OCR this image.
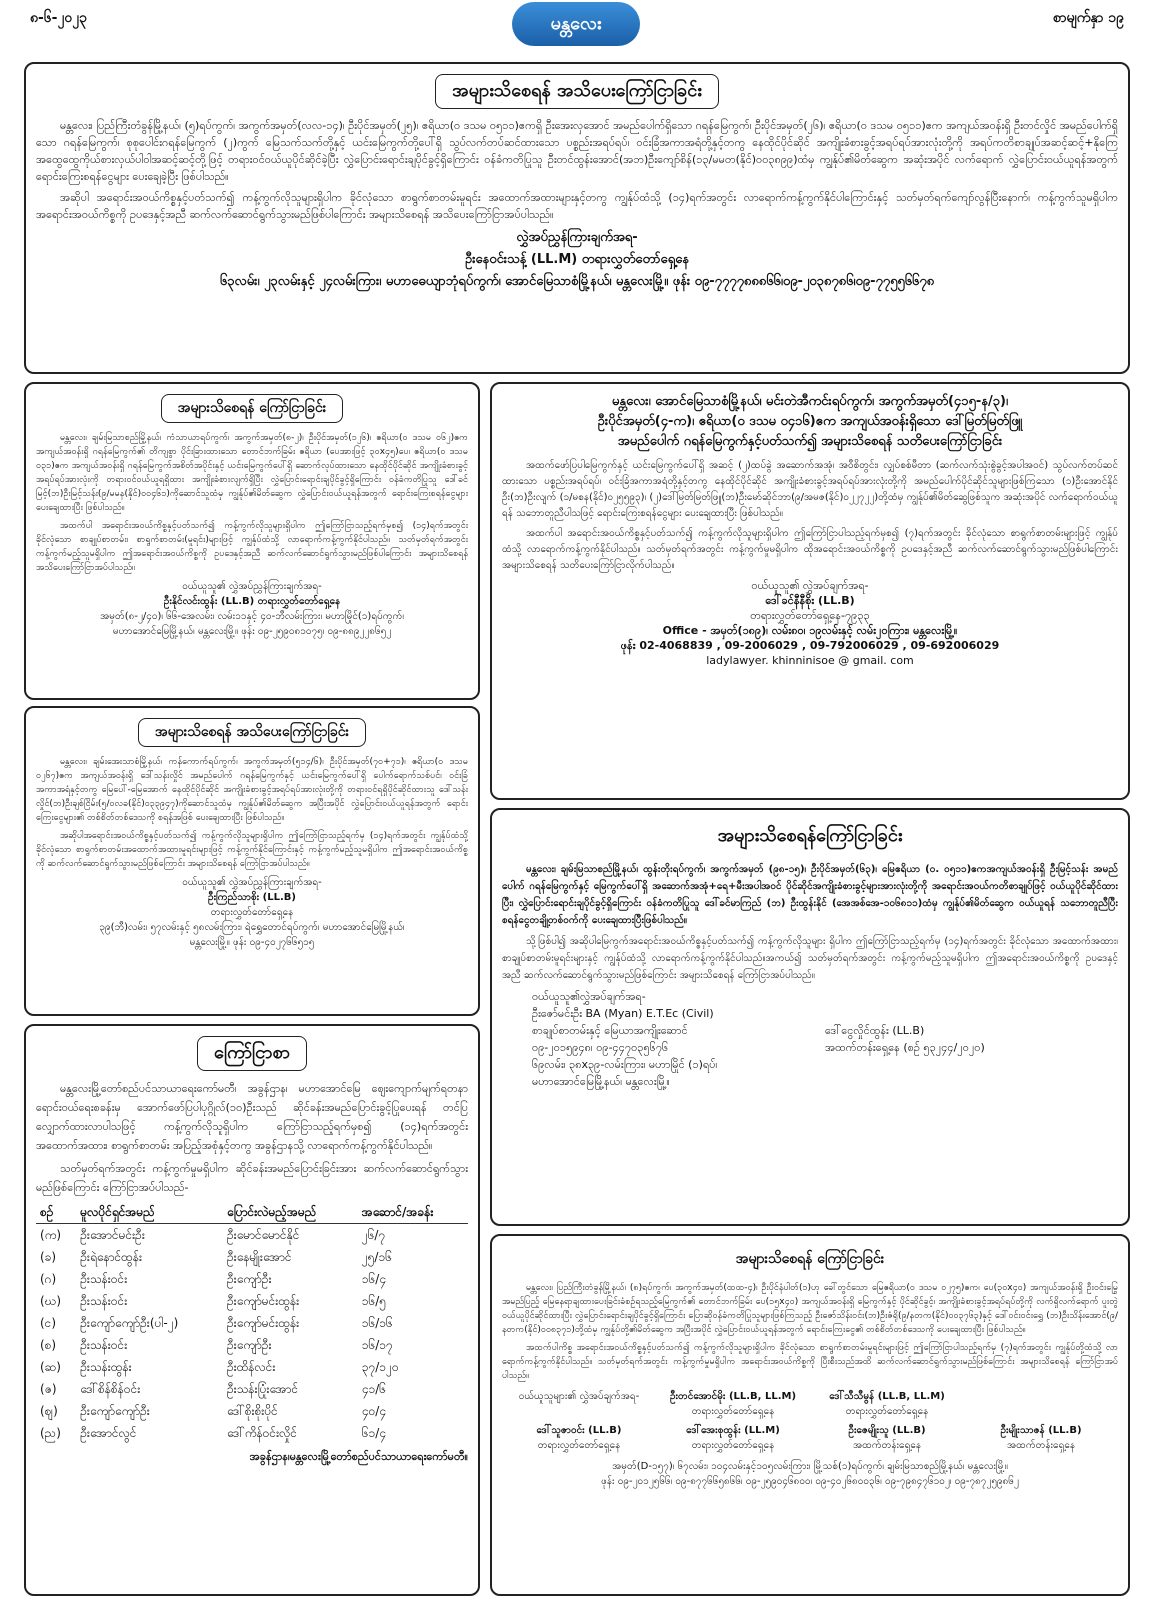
၈-၆-၂၀၂၃	မန္တလေး	စာမျက်နှာ ၁၉
အများသိစေရန် အသိပေးကြော်ငြာခြင်း

မန္တလေး၊ ပြည်ကြီးတံခွန်မြို့နယ်၊ (၅)ရပ်ကွက်၊ အကွက်အမှတ်(လလ-၁၄)၊ ဦးပိုင်အမှတ်(၂၅)၊ ဧရိယာ(၀ ဒသမ ၀၅၁၁)ဧကရှိ ဦးအေးလှအောင် အမည်ပေါက်ရှိသော ဂရန်မြေကွက်၊ ဦးပိုင်အမှတ်(၂၆)၊ ဧရိယာ(၀ ဒသမ ၀၅၁၁)ဧက အကျယ်အဝန်းရှိ ဦးတင်လှိုင် အမည်ပေါက်ရှိသော ဂရန်မြေကွက်၊ စုစုပေါင်းဂရန်မြေကွက် (၂)ကွက် မြေသက်သက်တို့နှင့် ယင်းမြေကွက်တို့ပေါ်ရှိ သွပ်လက်တပ်ဆင်ထားသော ပစ္စည်းအရပ်ရပ်၊ ဝင်းခြံအကာအရံတို့နှင့်တကွ နေထိုင်ပိုင်ဆိုင် အကျိုးခံစားခွင့်အရပ်ရပ်အားလုံးတို့ကို အရပ်ကတိစာချုပ်အဆင့်ဆင့်+နိုကြေအထွေထွေကိုယ်စားလှယ်ပါဝါအဆင့်ဆင့်တို့ဖြင့် တရားဝင်ဝယ်ယူပိုင်ဆိုင်ခဲ့ပြီး လွှဲပြောင်းရောင်းချပိုင်ခွင့်ရှိကြောင်း ဝန်ခံကတိပြုသူ ဦးတင်ထွန်းအောင်(အဘ)ဦးကျော်စိန်(၁၃/မမတ(နိုင်)၀၀၃၈၉၉)ထံမှ ကျွန်ုပ်၏မိတ်ဆွေက အဆုံးအပိုင် လက်ရောက် လွှဲပြောင်းဝယ်ယူရန်အတွက် ရောင်းကြေးစရန်ငွေများ ပေးချေခဲ့ပြီး ဖြစ်ပါသည်။

အဆိုပါ အရောင်းအဝယ်ကိစ္စနှင့်ပတ်သက်၍ ကန့်ကွက်လိုသူများရှိပါက ခိုင်လုံသော စာရွက်စာတမ်းမူရင်း အထောက်အထားများနှင့်တကွ ကျွန်ုပ်ထံသို့ (၁၄)ရက်အတွင်း လာရောက်ကန့်ကွက်နိုင်ပါကြောင်းနှင့် သတ်မှတ်ရက်ကျော်လွန်ပြီးနောက်၊ ကန့်ကွက်သူမရှိပါက အရောင်းအဝယ်ကိစ္စကို ဥပဒေနှင့်အညီ ဆက်လက်ဆောင်ရွက်သွားမည်ဖြစ်ပါကြောင်း အများသိစေရန် အသိပေးကြော်ငြာအပ်ပါသည်။

လွှဲအပ်ညွှန်ကြားချက်အရ-
ဦးနေဝင်းသန့် (LL.M) တရားလွှတ်တော်ရှေ့နေ
၆၃လမ်း၊ ၂၃လမ်းနှင့် ၂၄လမ်းကြား၊ မဟာဓေယျာဘုံရပ်ကွက်၊ အောင်မြေသာစံမြို့နယ်၊ မန္တလေးမြို့။ ဖုန်း ၀၉-၇၇၇၇၈၈၈၆၆၊၀၉-၂၀၃၈၇၈၆၊၀၉-၇၇၅၅၆၆၇၈
အများသိစေရန် ကြော်ငြာခြင်း

မန္တလေး၊ ချမ်းမြသာစည်မြို့နယ်၊ ကံသာယာရပ်ကွက်၊ အကွက်အမှတ်(၈-၂)၊ ဦးပိုင်အမှတ်(၁၂၆)၊ ဧရိယာ(၀ ဒသမ ၀၆၂)ဧက အကျယ်အဝန်းရှိ ဂရန်မြေကွက်၏ တိကျစွာ ပိုင်းခြားထားသော တောင်ဘက်ခြမ်း ဧရိယာ (ပေအားဖြင့် ၃၀x၄၅)ပေ၊ ဧရိယာ(၀ ဒသမ ၀၃၁)ဧက အကျယ်အဝန်းရှိ ဂရန်မြေကွက်အစိတ်အပိုင်းနှင့် ယင်းမြေကွက်ပေါ်ရှိ ဆောက်လုပ်ထားသော နေထိုင်ပိုင်ဆိုင် အကျိုးခံစားခွင့်အရပ်ရပ်အားလုံးကို တရားဝင်ဝယ်ယူရရှိထား အကျိုးခံစားလျက်ရှိပြီး လွှဲပြောင်းရောင်းချပိုင်ခွင့်ရှိကြောင်း ဝန်ခံကတိပြုသူ ဒေါ်ခင်မြင့်(ဘ)ဦးမြင့်သန်း(၉/မမန(နိုင်)၀၀၄၆၁)ကိုဆောင်သူထံမှ ကျွန်ုပ်၏မိတ်ဆွေက လွှဲပြောင်းဝယ်ယူရန်အတွက် ရောင်းကြေးစရန်ငွေများ ပေးချေထားပြီး ဖြစ်ပါသည်။

အထက်ပါ အရောင်းအဝယ်ကိစ္စနှင့်ပတ်သက်၍ ကန့်ကွက်လိုသူများရှိပါက ဤကြော်ငြာသည့်ရက်မှစ၍ (၁၄)ရက်အတွင်း ခိုင်လုံသော စာချုပ်စာတမ်း၊ စာရွက်စာတမ်း(မူရင်း)များဖြင့် ကျွန်ုပ်ထံသို့ လာရောက်ကန့်ကွက်နိုင်ပါသည်။ သတ်မှတ်ရက်အတွင်း ကန့်ကွက်မည့်သူမရှိပါက ဤအရောင်းအဝယ်ကိစ္စကို ဥပဒေနှင့်အညီ ဆက်လက်ဆောင်ရွက်သွားမည်ဖြစ်ပါကြောင်း အများသိစေရန် အသိပေးကြော်ငြာအပ်ပါသည်။

ဝယ်ယူသူ၏ လွှဲအပ်ညွှန်ကြားချက်အရ-
ဦးနိုင်လင်းထွန်း (LL.B) တရားလွှတ်တော်ရှေ့နေ
အမှတ်(၈-၂/၄၀)၊ ၆၆-အေလမ်း၊ လမ်း၁၁နှင့် ၄၀-ဘီလမ်းကြား၊ မဟာမြိုင်(၁)ရပ်ကွက်၊
မဟာအောင်မြေမြို့နယ်၊ မန္တလေးမြို့။ ဖုန်း ၀၉-၂၅၉၀၈၁၀၇၅၊ ၀၉-၈၈၉၂၂၈၆၅၂
အများသိစေရန် အသိပေးကြော်ငြာခြင်း

မန္တလေး၊ ချမ်းအေးသာစံမြို့နယ်၊ ကန်ကောက်ရပ်ကွက်၊ အကွက်အမှတ်(၅၁၄/၆)၊ ဦးပိုင်အမှတ်(၇၀+၇၁)၊ ဧရိယာ(၀ ဒသမ ၀၂၆၇)ဧက အကျယ်အဝန်းရှိ ဒေါ်သန်းလှိုင် အမည်ပေါက် ဂရန်မြေကွက်နှင့် ယင်းမြေကွက်ပေါ်ရှိ ပေါက်ရောက်သစ်ပင်၊ ဝင်းခြံအကာအရံနှင့်တကွ မြေပေါ်-မြေအောက် နေထိုင်ပိုင်ဆိုင် အကျိုးခံစားခွင့်အရပ်ရပ်အားလုံးတို့ကို တရားဝင်ရရှိပိုင်ဆိုင်ထားသူ ဒေါ်သန်းလှိုင်(ဘ)ဦးချစ်ငြိမ်း(၅/ဝလခ(နိုင်)၀၃၃၉၄၇)ကိုဆောင်သူထံမှ ကျွန်ုပ်၏မိတ်ဆွေက အပြီးအပိုင် လွှဲပြောင်းဝယ်ယူရန်အတွက် ရောင်းကြေးငွေများ၏ တစ်စိတ်တစ်ဒေသကို စရန်အဖြစ် ပေးချေထားပြီး ဖြစ်ပါသည်။

အဆိုပါအရောင်းအဝယ်ကိစ္စနှင့်ပတ်သက်၍ ကန့်ကွက်လိုသူများရှိပါက ဤကြော်ငြာသည့်ရက်မှ (၁၄)ရက်အတွင်း ကျွန်ုပ်ထံသို့ ခိုင်လုံသော စာရွက်စာတမ်းအထောက်အထားမူရင်းများဖြင့် ကန့်ကွက်နိုင်ကြောင်းနှင့် ကန့်ကွက်မည့်သူမရှိပါက ဤအရောင်းအဝယ်ကိစ္စကို ဆက်လက်ဆောင်ရွက်သွားမည်ဖြစ်ကြောင်း အများသိစေရန် ကြော်ငြာအပ်ပါသည်။

ဝယ်ယူသူ၏ လွှဲအပ်ညွှန်ကြားချက်အရ-
ဦးကြည်သာစိုး (LL.B)
တရားလွှတ်တော်ရှေ့နေ
၃၉(ဘီ)လမ်း၊ ၅၇လမ်းနှင့် ၅၈လမ်းကြား၊ ရဲရွှေတောင်ရပ်ကွက်၊ မဟာအောင်မြေမြို့နယ်၊
မန္တလေးမြို့။ ဖုန်း ၀၉-၄၀၂၇၆၆၅၁၅
ကြော်ငြာစာ

မန္တလေးမြို့တော်စည်ပင်သာယာရေးကော်မတီ၊ အခွန်ဌာန၊ မဟာအောင်မြေ ဈေးကျောက်မျက်ရတနာရောင်းဝယ်ရေးစခန်းမှ အောက်ဖော်ပြပါပုဂ္ဂိုလ်(၁၀)ဦးသည် ဆိုင်ခန်းအမည်ပြောင်းခွင့်ပြုပေးရန် တင်ပြလျှောက်ထားလာပါသဖြင့် ကန့်ကွက်လိုသူရှိပါက ကြော်ငြာသည့်ရက်မှစ၍ (၁၄)ရက်အတွင်း အထောက်အထား၊ စာရွက်စာတမ်း အပြည့်အစုံနှင့်တကွ အခွန်ဌာနသို့ လာရောက်ကန့်ကွက်နိုင်ပါသည်။

သတ်မှတ်ရက်အတွင်း ကန့်ကွက်မှုမရှိပါက ဆိုင်ခန်းအမည်ပြောင်းခြင်းအား ဆက်လက်ဆောင်ရွက်သွားမည်ဖြစ်ကြောင်း ကြော်ငြာအပ်ပါသည်-

စဉ်	မူလပိုင်ရှင်အမည်	ပြောင်းလဲမည့်အမည်	အဆောင်/အခန်း
(က)	ဦးအောင်မင်းဦး	ဦးမောင်မောင်နိုင်	၂၆/၇
(ခ)	ဦးရဲနောင်ထွန်း	ဦးနေမျိုးအောင်	၂၅/၁၆
(ဂ)	ဦးသန်းဝင်း	ဦးကျော်ဦး	၁၆/၄
(ဃ)	ဦးသန်းဝင်း	ဦးကျော်မင်းထွန်း	၁၆/၅
(င)	ဦးကျော်ကျော်ဦး(ပါ-၂)	ဦးကျော်မင်းထွန်း	၁၆/၁၆
(စ)	ဦးသန်းဝင်း	ဦးကျော်ဦး	၁၆/၁၇
(ဆ)	ဦးသန်းထွန်း	ဦးထိန်လင်း	၃၇/၁၂၀
(ဇ)	ဒေါ်စိန်စိန်ဝင်း	ဦးသန်းပြုံးအောင်	၄၁/၆
(ဈ)	ဦးကျော်ကျော်ဦး	ဒေါ်စိုးစိုးပိုင်	၄၀/၄
(ည)	ဦးအောင်လွင်	ဒေါ်ကိန်ဝင်းလှိုင်	၆၁/၄
အခွန်ဌာန၊မန္တလေးမြို့တော်စည်ပင်သာယာရေးကော်မတီ။
မန္တလေး၊ အောင်မြေသာစံမြို့နယ်၊ မင်းတဲအီကင်းရပ်ကွက်၊ အကွက်အမှတ်(၄၁၅-န/၃)၊
ဦးပိုင်အမှတ်(၄-က)၊ ဧရိယာ(၀ ဒသမ ၀၄၁၆)ဧက အကျယ်အဝန်းရှိသော ဒေါ်မြတ်မြတ်ဖြူ
အမည်ပေါက် ဂရန်မြေကွက်နှင့်ပတ်သက်၍ အများသိစေရန် သတိပေးကြော်ငြာခြင်း

အထက်ဖော်ပြပါမြေကွက်နှင့် ယင်းမြေကွက်ပေါ်ရှိ အဆင့် (၂)ထပ်ခွဲ အဆောက်အအုံ၊ အဝီစိတွင်း၊ လျှပ်စစ်မီတာ (ဆက်လက်သုံးစွဲခွင့်အပါအဝင်) သွပ်လက်တပ်ဆင်ထားသော ပစ္စည်းအရပ်ရပ်၊ ဝင်းခြံအကာအရံတို့နှင့်တကွ နေထိုင်ပိုင်ဆိုင် အကျိုးခံစားခွင့်အရပ်ရပ်အားလုံးတို့ကို အမည်ပေါက်ပိုင်ဆိုင်သူများဖြစ်ကြသော (၁)ဦးအောင်နိုင်ဦး(ဘ)ဦးလျက် (၁/မစန(နိုင်)၀၂၅၅၉၃)၊ (၂)ဒေါ်မြတ်မြတ်ဖြူ(ဘ)ဦးမော်ဆိုင်ဘာ(၉/အမဇ(နိုင်)၀၂၂၇၂၂)တို့ထံမှ ကျွန်ုပ်၏မိတ်ဆွေဖြစ်သူက အဆုံးအပိုင် လက်ရောက်ဝယ်ယူရန် သဘောတူညီပါသဖြင့် ရောင်းကြေးစရန်ငွေများ ပေးချေထားပြီး ဖြစ်ပါသည်။

အထက်ပါ အရောင်းအဝယ်ကိစ္စနှင့်ပတ်သက်၍ ကန့်ကွက်လိုသူများရှိပါက ဤကြော်ငြာပါသည့်ရက်မှစ၍ (၇)ရက်အတွင်း ခိုင်လုံသော စာရွက်စာတမ်းများဖြင့် ကျွန်ုပ်ထံသို့ လာရောက်ကန့်ကွက်နိုင်ပါသည်။ သတ်မှတ်ရက်အတွင်း ကန့်ကွက်မှုမရှိပါက ထိုအရောင်းအဝယ်ကိစ္စကို ဥပဒေနှင့်အညီ ဆက်လက်ဆောင်ရွက်သွားမည်ဖြစ်ပါကြောင်း အများသိစေရန် သတိပေးကြော်ငြာလိုက်ပါသည်။

ဝယ်ယူသူ၏ လွှဲအပ်ချက်အရ-
ဒေါ်ခင်နီနီစိုး (LL.B)
တရားလွှတ်တော်ရှေ့နေ-၇၉၃၃
Office - အမှတ်(၁၈၉)၊ လမ်း၈၀၊ ၁၉လမ်းနှင့် လမ်း၂၀ကြား၊ မန္တလေးမြို့။
ဖုန်း 02-4068839 , 09-2006029 , 09-792006029 , 09-692006029
ladylawyer. khinninisoe @ gmail. com
အများသိစေရန်ကြော်ငြာခြင်း

မန္တလေး၊ ချမ်းမြသာစည်မြို့နယ်၊ ထွန်းတိုးရပ်ကွက်၊ အကွက်အမှတ် (၉၈-၁၅)၊ ဦးပိုင်အမှတ်(၆၃)၊ မြေဧရိယာ (၀. ၀၅၁၁)ဧကအကျယ်အဝန်းရှိ ဦးမြင့်သန်း အမည်ပေါက် ဂရန်မြေကွက်နှင့် မြေကွက်ပေါ်ရှိ အဆောက်အအုံ+ရေ+မီးအပါအဝင် ပိုင်ဆိုင်အကျိုးခံစားခွင့်များအားလုံးတို့ကို အရောင်းအဝယ်ကတိစာချုပ်ဖြင့် ဝယ်ယူပိုင်ဆိုင်ထားပြီး၊ လွှဲပြောင်းရောင်းချပိုင်ခွင့်ရှိကြောင်း ဝန်ခံကတိပြုသူ ဒေါ်ခင်မာကြည် (ဘ) ဦးထွန်းနိုင် (အေအစ်အေ-၁၀၆၈၁၁)ထံမှ ကျွန်ုပ်၏မိတ်ဆွေက ဝယ်ယူရန် သဘောတူညီပြီး စရန်ငွေတချို့တစ်ဝက်ကို ပေးချေထားပြီးဖြစ်ပါသည်။

သို့ဖြစ်ပါ၍ အဆိုပါမြေကွက်အရောင်းအဝယ်ကိစ္စနှင့်ပတ်သက်၍ ကန့်ကွက်လိုသူများ ရှိပါက ဤကြော်ငြာသည့်ရက်မှ (၁၄)ရက်အတွင်း ခိုင်လုံသော အထောက်အထား၊ စာချုပ်စာတမ်းမူရင်းများနှင့် ကျွန်ုပ်ထံသို့ လာရောက်ကန့်ကွက်နိုင်ပါသည်။အကယ်၍ သတ်မှတ်ရက်အတွင်း ကန့်ကွက်မည့်သူမရှိပါက ဤအရောင်းအဝယ်ကိစ္စကို ဥပဒေနှင့်အညီ ဆက်လက်ဆောင်ရွက်သွားမည်ဖြစ်ကြောင်း အများသိစေရန် ကြော်ငြာအပ်ပါသည်။

ဝယ်ယူသူ၏လွှဲအပ်ချက်အရ-
ဦးဇော်မင်းဦး BA (Myan) E.T.Ec (Civil)
စာချုပ်စာတမ်းနှင့် မြေယာအကျိုးဆောင်
၀၉-၂၀၁၅၉၄၈၊ ၀၉-၄၄၇၀၃၅၆၇၆
၆၉လမ်း၊ ၃၈x၃၉-လမ်းကြား၊ မဟာမြိုင် (၁)ရပ်၊
မဟာအောင်မြေမြို့နယ်၊ မန္တလေးမြို့။
ဒေါ်ငွေလှိုင်ထွန်း (LL.B)
အထက်တန်းရှေ့နေ (စဉ် ၅၃၂၄၄/၂၀၂၀)
အများသိစေရန် ကြော်ငြာခြင်း

မန္တလေး၊ ပြည်ကြီးတံခွန်မြို့နယ်၊ (၈)ရပ်ကွက်၊ အကွက်အမှတ်(ထထ-၄)၊ ဦးပိုင်နံပါတ်(၁)ဟု ခေါ်တွင်သော မြေဧရိယာ(၀ ဒသမ ၀၂၇၅)ဧက၊ ပေ(၃၀x၄၀) အကျယ်အဝန်းရှိ ဦးဝင်းမြွေ အမည်ပြည့် မြေနေရာချထားပေးခြင်းခံစဉ်ရသည့်မြေကွက်၏ တောင်ဘက်ခြမ်း ပေ(၁၅x၄၀) အကျယ်အဝန်းရှိ မြေကွက်နှင့် ပိုင်ဆိုင်ခွင့်၊ အကျိုးခံစားခွင့်အရပ်ရပ်တို့ကို လက်ရှိလက်ရောက် ပူးတွဲဝယ်ယူပိုင်ဆိုင်ထားပြီး လွှဲပြောင်းရောင်းချပိုင်ခွင့်ရှိကြောင်း ပြောဆိုဝန်ခံကတိပြုသူများဖြစ်ကြသည့် ဦးဇော်သိန်းဝင်း(ဘ)ဦးဇံရို(၉/နတက(နိုင်)၀၀၃၇၆၃)နှင့် ဒေါ်ဝင်းဝင်းရွှေ (ဘ)ဦးသိန်းအောင်(၉/နတက(နိုင်)၀၀၈၃၇၁)တို့ထံမှ ကျွန်ုပ်တို့၏မိတ်ဆွေက အပြီးအပိုင် လွှဲပြောင်းဝယ်ယူရန်အတွက် ရောင်းကြေးငွေ၏ တစ်စိတ်တစ်ဒေသကို ပေးချေထားပြီး ဖြစ်ပါသည်။

အထက်ပါကိစ္စ အရောင်းအဝယ်ကိစ္စနှင့်ပတ်သက်၍ ကန့်ကွက်လိုသူများရှိပါက ခိုင်လုံသော စာရွက်စာတမ်းမူရင်းများဖြင့် ဤကြော်ငြာပါသည့်ရက်မှ (၇)ရက်အတွင်း ကျွန်ုပ်တို့ထံသို့ လာရောက်ကန့်ကွက်နိုင်ပါသည်။ သတ်မှတ်ရက်အတွင်း ကန့်ကွက်မှုမရှိပါက အရောင်းအဝယ်ကိစ္စကို ပြီးစီးသည်အထိ ဆက်လက်ဆောင်ရွက်သွားမည်ဖြစ်ကြောင်း အများသိစေရန် ကြော်ငြာအပ်ပါသည်။

ဝယ်ယူသူများ၏ လွှဲအပ်ချက်အရ-	ဦးတင်အောင်မိုး (LL.B, LL.M)	ဒေါ်သီသီမွန် (LL.B, LL.M)
တရားလွှတ်တော်ရှေ့နေ	တရားလွှတ်တော်ရှေ့နေ
ဒေါ်သူဇာဝင်း (LL.B)	ဒေါ်အေးစုထွန်း (LL.M)	ဦးဇေမျိုးသူ (LL.B)	ဦးမျိုးသာဇန် (LL.B)
တရားလွှတ်တော်ရှေ့နေ	တရားလွှတ်တော်ရှေ့နေ	အထက်တန်းရှေ့နေ	အထက်တန်းရှေ့နေ
အမှတ်(D-၁၅၇)၊ ၆၇လမ်း၊ ၁၀၄လမ်းနှင့်၁၀၅လမ်းကြား၊ မြို့သစ်(၁)ရပ်ကွက်၊ ချမ်းမြသာစည်မြို့နယ်၊ မန္တလေးမြို့။
ဖုန်း ၀၉-၂၀၁၂၅၆၆၊ ၀၉-၈၇၇၆၆၅၈၆၆၊ ၀၉-၂၅၉၀၄၆၈၀၀၊ ၀၉-၄၀၂၆၈၀၀၃၆၊ ၀၉-၇၉၈၄၇၆၁၀၂၊ ၀၉-၇၈၇၂၅၉၈၆၂
